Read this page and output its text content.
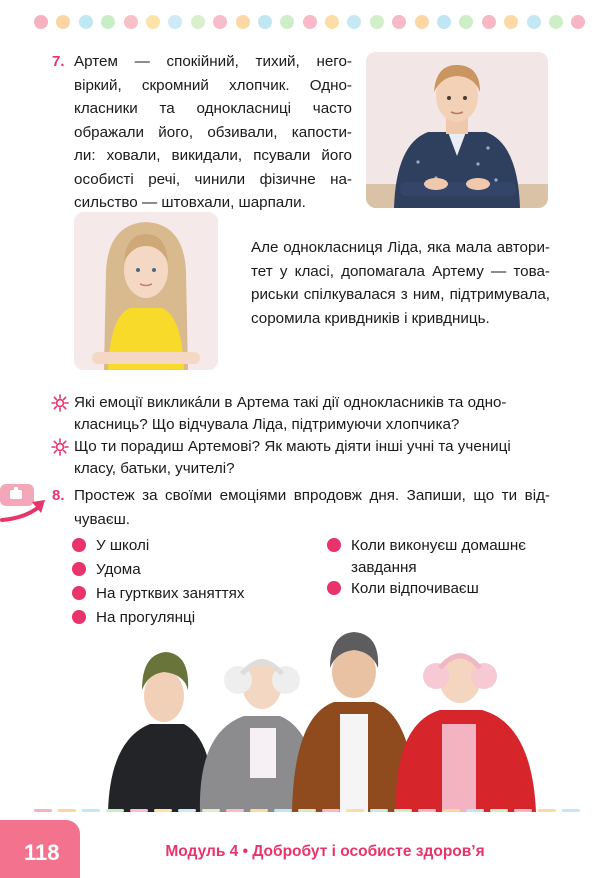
7. Артем — спокійний, тихий, него-
віркий, скромний хлопчик. Одно-
класники та однокласниці часто
ображали його, обзивали, капости-
ли: ховали, викидали, псували його
особисті речі, чинили фізичне на-
сильство — штовхали, шарпали.
Але однокласниця Ліда, яка мала автори-
тет у класі, допомагала Артему — това-
риськи спілкувалася з ним, підтримувала,
соромила кривдників і кривдниць.
Які емоції викликáли в Артема такі дії однокласників та одно-
класниць? Що відчувала Ліда, підтримуючи хлопчика?
Що ти порадиш Артемові? Як мають діяти інші учні та учениці
класу, батьки, учителі?
8. Простеж за своїми емоціями впродовж дня. Запиши, що ти від-
чуваєш.
У школі
Удома
На гуртквих заняттях
На прогулянці
Коли виконуєш домашнє
завдання
Коли відпочиваєш
118	Модуль 4 • Добробут і особисте здоров’я
